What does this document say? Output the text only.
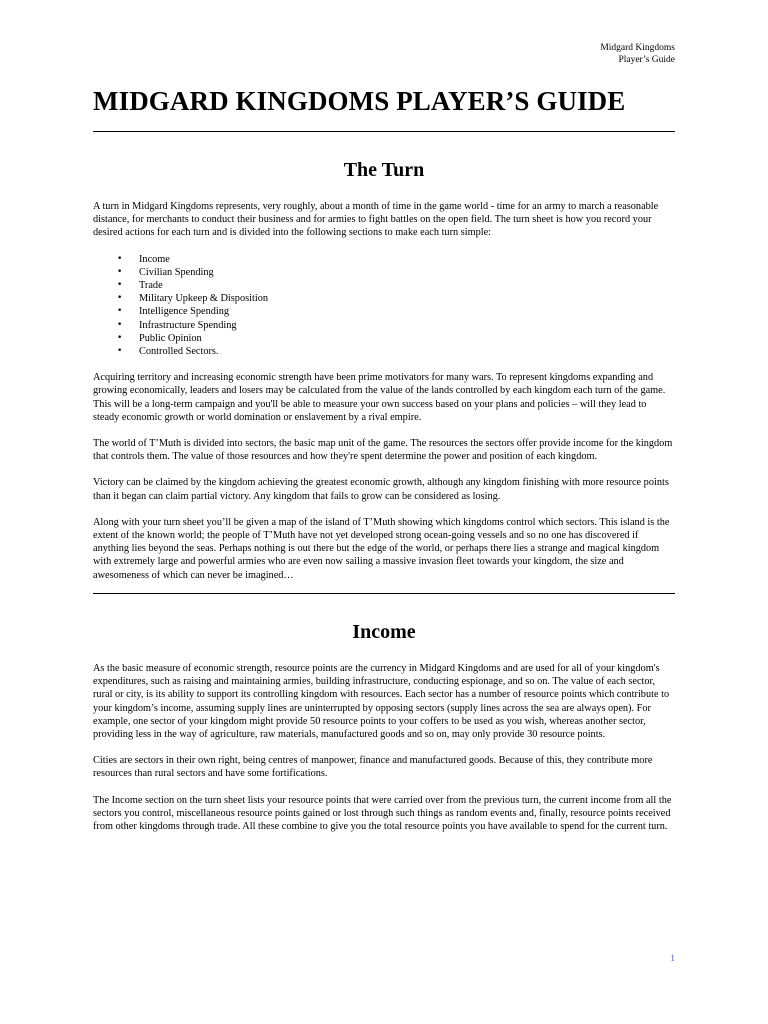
Midgard Kingdoms
Player’s Guide
MIDGARD KINGDOMS PLAYER’S GUIDE
The Turn

A turn in Midgard Kingdoms represents, very roughly, about a month of time in the game world - time for an army to march a reasonable distance, for merchants to conduct their business and for armies to fight battles on the open field. The turn sheet is how you record your desired actions for each turn and is divided into the following sections to make each turn simple:

• Income
• Civilian Spending
• Trade
• Military Upkeep & Disposition
• Intelligence Spending
• Infrastructure Spending
• Public Opinion
• Controlled Sectors.

Acquiring territory and increasing economic strength have been prime motivators for many wars. To represent kingdoms expanding and growing economically, leaders and losers may be calculated from the value of the lands controlled by each kingdom each turn of the game. This will be a long-term campaign and you'll be able to measure your own success based on your plans and policies – will they lead to steady economic growth or world domination or enslavement by a rival empire.

The world of T’Muth is divided into sectors, the basic map unit of the game. The resources the sectors offer provide income for the kingdom that controls them. The value of those resources and how they're spent determine the power and position of each kingdom.

Victory can be claimed by the kingdom achieving the greatest economic growth, although any kingdom finishing with more resource points than it began can claim partial victory. Any kingdom that fails to grow can be considered as losing.

Along with your turn sheet you’ll be given a map of the island of T’Muth showing which kingdoms control which sectors. This island is the extent of the known world; the people of T’Muth have not yet developed strong ocean-going vessels and so no one has discovered if anything lies beyond the seas. Perhaps nothing is out there but the edge of the world, or perhaps there lies a strange and magical kingdom with extremely large and powerful armies who are even now sailing a massive invasion fleet towards your kingdom, the size and awesomeness of which can never be imagined…

Income

As the basic measure of economic strength, resource points are the currency in Midgard Kingdoms and are used for all of your kingdom's expenditures, such as raising and maintaining armies, building infrastructure, conducting espionage, and so on. The value of each sector, rural or city, is its ability to support its controlling kingdom with resources. Each sector has a number of resource points which contribute to your kingdom’s income, assuming supply lines are uninterrupted by opposing sectors (supply lines across the sea are always open). For example, one sector of your kingdom might provide 50 resource points to your coffers to be used as you wish, whereas another sector, providing less in the way of agriculture, raw materials, manufactured goods and so on, may only provide 30 resource points.

Cities are sectors in their own right, being centres of manpower, finance and manufactured goods. Because of this, they contribute more resources than rural sectors and have some fortifications.

The Income section on the turn sheet lists your resource points that were carried over from the previous turn, the current income from all the sectors you control, miscellaneous resource points gained or lost through such things as random events and, finally, resource points received from other kingdoms through trade. All these combine to give you the total resource points you have available to spend for the current turn.

1
